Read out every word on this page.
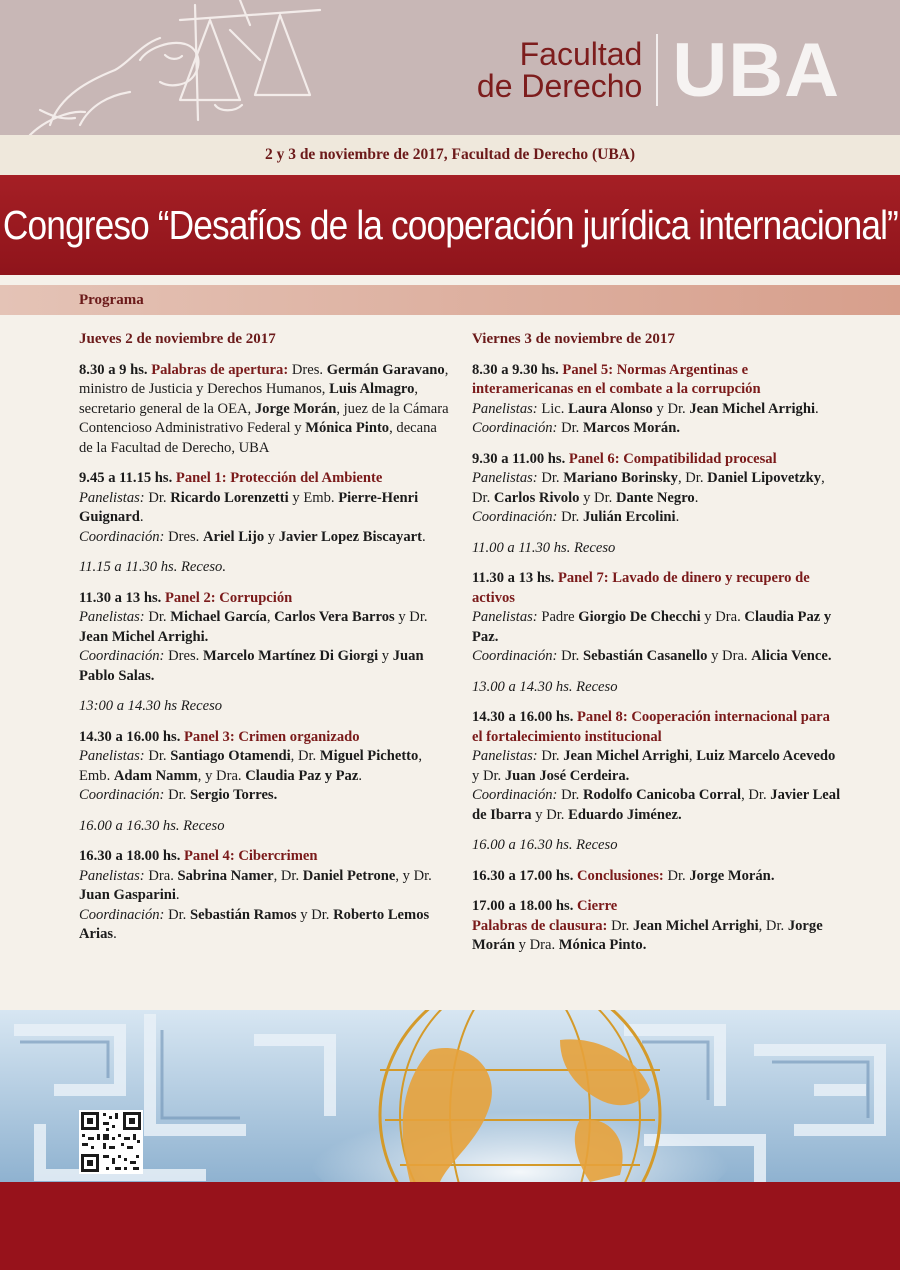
Facultad
de Derecho UBA
2 y 3 de noviembre de 2017, Facultad de Derecho (UBA)
Congreso “Desafíos de la cooperación jurídica internacional”
Programa
Jueves 2 de noviembre de 2017
8.30 a 9 hs. Palabras de apertura: Dres. Germán Garavano, ministro de Justicia y Derechos Humanos, Luis Almagro, secretario general de la OEA, Jorge Morán, juez de la Cámara Contencioso Administrativo Federal y Mónica Pinto, decana de la Facultad de Derecho, UBA
9.45 a 11.15 hs. Panel 1: Protección del Ambiente
Panelistas: Dr. Ricardo Lorenzetti y Emb. Pierre-Henri Guignard.
Coordinación: Dres. Ariel Lijo y Javier Lopez Biscayart.
11.15 a 11.30 hs. Receso.
11.30 a 13 hs. Panel 2: Corrupción
Panelistas: Dr. Michael García, Carlos Vera Barros y Dr. Jean Michel Arrighi.
Coordinación: Dres. Marcelo Martínez Di Giorgi y Juan Pablo Salas.
13:00 a 14.30 hs Receso
14.30 a 16.00 hs. Panel 3: Crimen organizado
Panelistas: Dr. Santiago Otamendi, Dr. Miguel Pichetto, Emb. Adam Namm, y Dra. Claudia Paz y Paz.
Coordinación: Dr. Sergio Torres.
16.00 a 16.30 hs. Receso
16.30 a 18.00 hs. Panel 4: Cibercrimen
Panelistas: Dra. Sabrina Namer, Dr. Daniel Petrone, y Dr. Juan Gasparini.
Coordinación: Dr. Sebastián Ramos y Dr. Roberto Lemos Arias.
Viernes 3 de noviembre de 2017
8.30 a 9.30 hs. Panel 5: Normas Argentinas e interamericanas en el combate a la corrupción
Panelistas: Lic. Laura Alonso y Dr. Jean Michel Arrighi.
Coordinación: Dr. Marcos Morán.
9.30 a 11.00 hs. Panel 6: Compatibilidad procesal
Panelistas: Dr. Mariano Borinsky, Dr. Daniel Lipovetzky, Dr. Carlos Rivolo y Dr. Dante Negro.
Coordinación: Dr. Julián Ercolini.
11.00 a 11.30 hs. Receso
11.30 a 13 hs. Panel 7: Lavado de dinero y recupero de activos
Panelistas: Padre Giorgio De Checchi y Dra. Claudia Paz y Paz.
Coordinación: Dr. Sebastián Casanello y Dra. Alicia Vence.
13.00 a 14.30 hs. Receso
14.30 a 16.00 hs. Panel 8: Cooperación internacional para el fortalecimiento institucional
Panelistas: Dr. Jean Michel Arrighi, Luiz Marcelo Acevedo y Dr. Juan José Cerdeira.
Coordinación: Dr. Rodolfo Canicoba Corral, Dr. Javier Leal de Ibarra y Dr. Eduardo Jiménez.
16.00 a 16.30 hs. Receso
16.30 a 17.00 hs. Conclusiones: Dr. Jorge Morán.
17.00 a 18.00 hs. Cierre
Palabras de clausura: Dr. Jean Michel Arrighi, Dr. Jorge Morán y Dra. Mónica Pinto.
